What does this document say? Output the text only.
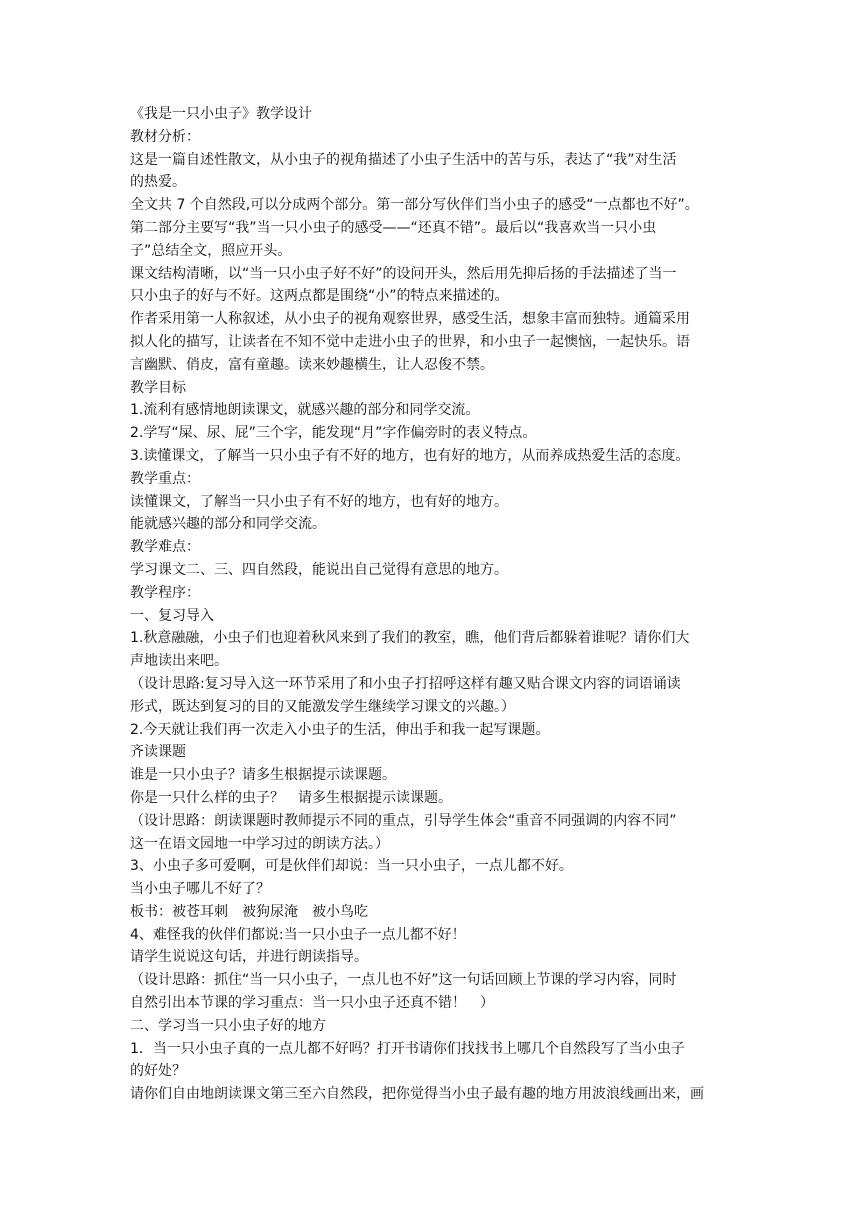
《我是一只小虫子》教学设计
教材分析：
这是一篇自述性散文，从小虫子的视角描述了小虫子生活中的苦与乐，表达了“我”对生活
的热爱。
全文共 7 个自然段,可以分成两个部分。第一部分写伙伴们当小虫子的感受“一点都也不好”。
第二部分主要写“我”当一只小虫子的感受——“还真不错”。最后以“我喜欢当一只小虫
子”总结全文，照应开头。
课文结构清晰，以“当一只小虫子好不好”的设问开头，然后用先抑后扬的手法描述了当一
只小虫子的好与不好。这两点都是围绕“小”的特点来描述的。
作者采用第一人称叙述，从小虫子的视角观察世界，感受生活，想象丰富而独特。通篇采用
拟人化的描写，让读者在不知不觉中走进小虫子的世界，和小虫子一起懊恼，一起快乐。语
言幽默、俏皮，富有童趣。读来妙趣横生，让人忍俊不禁。
教学目标
1.流利有感情地朗读课文，就感兴趣的部分和同学交流。
2.学写“屎、尿、屁”三个字，能发现“月”字作偏旁时的表义特点。
3.读懂课文，了解当一只小虫子有不好的地方，也有好的地方，从而养成热爱生活的态度。
教学重点：
读懂课文，了解当一只小虫子有不好的地方，也有好的地方。
能就感兴趣的部分和同学交流。
教学难点：
学习课文二、三、四自然段，能说出自己觉得有意思的地方。
教学程序：
一、复习导入
1.秋意融融，小虫子们也迎着秋风来到了我们的教室，瞧，他们背后都躲着谁呢？请你们大
声地读出来吧。
（设计思路:复习导入这一环节采用了和小虫子打招呼这样有趣又贴合课文内容的词语诵读
形式，既达到复习的目的又能激发学生继续学习课文的兴趣。）
2.今天就让我们再一次走入小虫子的生活，伸出手和我一起写课题。
齐读课题
谁是一只小虫子？请多生根据提示读课题。
你是一只什么样的虫子？　请多生根据提示读课题。
（设计思路：朗读课题时教师提示不同的重点，引导学生体会“重音不同强调的内容不同”
这一在语文园地一中学习过的朗读方法。）
3、小虫子多可爱啊，可是伙伴们却说：当一只小虫子，一点儿都不好。
当小虫子哪儿不好了？
板书：被苍耳刺　被狗尿淹　被小鸟吃
4、难怪我的伙伴们都说:当一只小虫子一点儿都不好！
请学生说说这句话，并进行朗读指导。
（设计思路：抓住“当一只小虫子，一点儿也不好”这一句话回顾上节课的学习内容，同时
自然引出本节课的学习重点：当一只小虫子还真不错！　）
二、学习当一只小虫子好的地方
1．当一只小虫子真的一点儿都不好吗？打开书请你们找找书上哪几个自然段写了当小虫子
的好处？
请你们自由地朗读课文第三至六自然段，把你觉得当小虫子最有趣的地方用波浪线画出来，画
